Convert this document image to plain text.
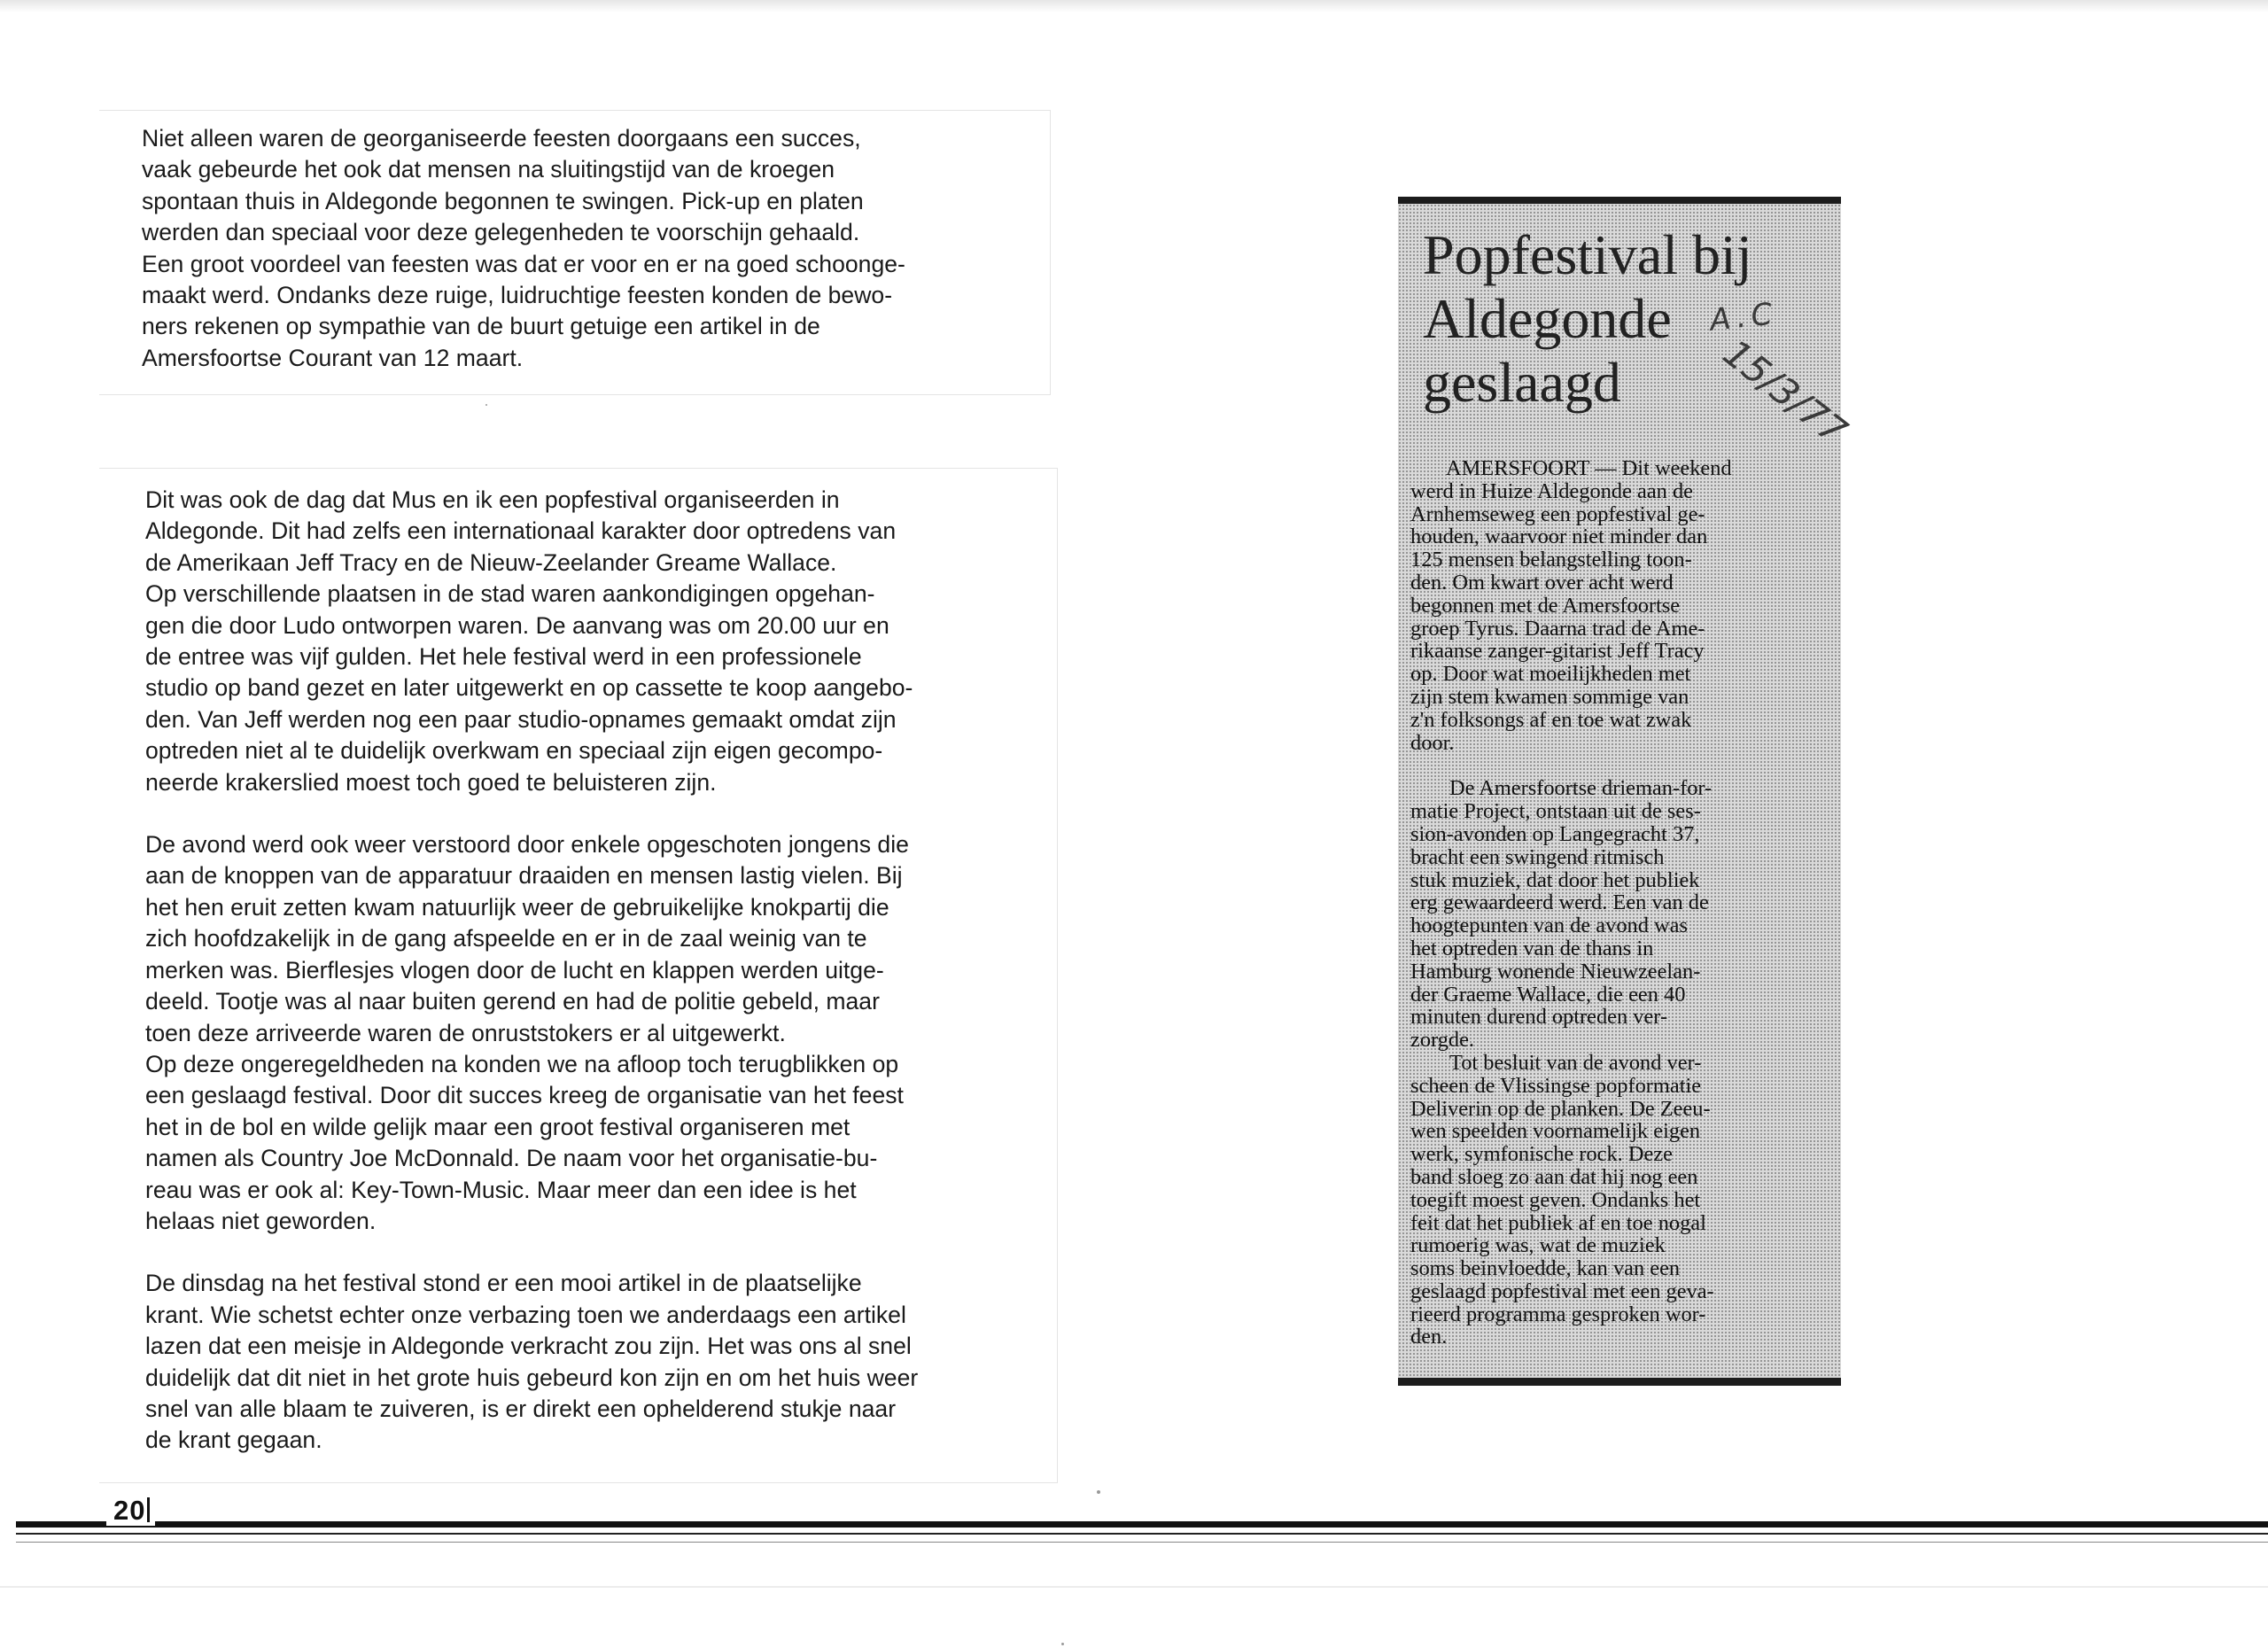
Niet alleen waren de georganiseerde feesten doorgaans een succes,
vaak gebeurde het ook dat mensen na sluitingstijd van de kroegen
spontaan thuis in Aldegonde begonnen te swingen. Pick-up en platen
werden dan speciaal voor deze gelegenheden te voorschijn gehaald.
Een groot voordeel van feesten was dat er voor en er na goed schoonge-
maakt werd. Ondanks deze ruige, luidruchtige feesten konden de bewo-
ners rekenen op sympathie van de buurt getuige een artikel in de
Amersfoortse Courant van 12 maart.

Dit was ook de dag dat Mus en ik een popfestival organiseerden in
Aldegonde. Dit had zelfs een internationaal karakter door optredens van
de Amerikaan Jeff Tracy en de Nieuw-Zeelander Greame Wallace.
Op verschillende plaatsen in de stad waren aankondigingen opgehan-
gen die door Ludo ontworpen waren. De aanvang was om 20.00 uur en
de entree was vijf gulden. Het hele festival werd in een professionele
studio op band gezet en later uitgewerkt en op cassette te koop aangebo-
den. Van Jeff werden nog een paar studio-opnames gemaakt omdat zijn
optreden niet al te duidelijk overkwam en speciaal zijn eigen gecompo-
neerde krakerslied moest toch goed te beluisteren zijn.

De avond werd ook weer verstoord door enkele opgeschoten jongens die
aan de knoppen van de apparatuur draaiden en mensen lastig vielen. Bij
het hen eruit zetten kwam natuurlijk weer de gebruikelijke knokpartij die
zich hoofdzakelijk in de gang afspeelde en er in de zaal weinig van te
merken was. Bierflesjes vlogen door de lucht en klappen werden uitge-
deeld. Tootje was al naar buiten gerend en had de politie gebeld, maar
toen deze arriveerde waren de onruststokers er al uitgewerkt.
Op deze ongeregeldheden na konden we na afloop toch terugblikken op
een geslaagd festival. Door dit succes kreeg de organisatie van het feest
het in de bol en wilde gelijk maar een groot festival organiseren met
namen als Country Joe McDonnald. De naam voor het organisatie-bu-
reau was er ook al: Key-Town-Music. Maar meer dan een idee is het
helaas niet geworden.

De dinsdag na het festival stond er een mooi artikel in de plaatselijke
krant. Wie schetst echter onze verbazing toen we anderdaags een artikel
lazen dat een meisje in Aldegonde verkracht zou zijn. Het was ons al snel
duidelijk dat dit niet in het grote huis gebeurd kon zijn en om het huis weer
snel van alle blaam te zuiveren, is er direkt een ophelderend stukje naar
de krant gegaan.

Popfestival bij
Aldegonde
geslaagd
A.C
15/3/77

AMERSFOORT — Dit weekend
werd in Huize Aldegonde aan de
Arnhemseweg een popfestival ge-
houden, waarvoor niet minder dan
125 mensen belangstelling toon-
den. Om kwart over acht werd
begonnen met de Amersfoortse
groep Tyrus. Daarna trad de Ame-
rikaanse zanger-gitarist Jeff Tracy
op. Door wat moeilijkheden met
zijn stem kwamen sommige van
z'n folksongs af en toe wat zwak
door.

De Amersfoortse drieman-for-
matie Project, ontstaan uit de ses-
sion-avonden op Langegracht 37,
bracht een swingend ritmisch
stuk muziek, dat door het publiek
erg gewaardeerd werd. Een van de
hoogtepunten van de avond was
het optreden van de thans in
Hamburg wonende Nieuwzeelan-
der Graeme Wallace, die een 40
minuten durend optreden ver-
zorgde.

Tot besluit van de avond ver-
scheen de Vlissingse popformatie
Deliverin op de planken. De Zeeu-
wen speelden voornamelijk eigen
werk, symfonische rock. Deze
band sloeg zo aan dat hij nog een
toegift moest geven. Ondanks het
feit dat het publiek af en toe nogal
rumoerig was, wat de muziek
soms beinvloedde, kan van een
geslaagd popfestival met een geva-
rieerd programma gesproken wor-
den.

20
